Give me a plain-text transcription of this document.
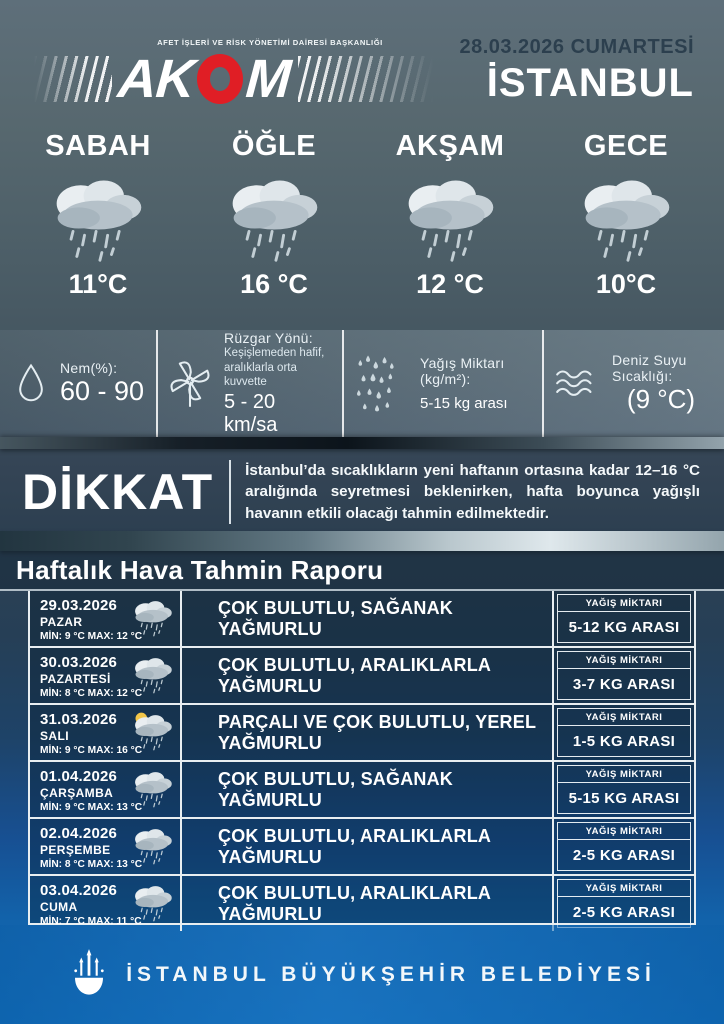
AFET İŞLERİ VE RİSK YÖNETİMİ DAİRESİ BAŞKANLIĞI
AK M
28.03.2026 CUMARTESİ
İSTANBUL
SABAH
11°C
ÖĞLE
16 °C
AKŞAM
12 °C
GECE
10°C
Nem(%):
60 - 90
Rüzgar Yönü:
Keşişlemeden hafif,
aralıklarla orta kuvvette
5 - 20 km/sa
Yağış Miktarı (kg/m²):
5-15 kg arası
Deniz Suyu Sıcaklığı:
(9 °C)
DİKKAT İstanbul’da sıcaklıkların yeni haftanın ortasına kadar 12–16 °C aralığında seyretmesi beklenirken, hafta boyunca yağışlı havanın etkili olacağı tahmin edilmektedir.
Haftalık Hava Tahmin Raporu
29.03.2026
PAZAR
MİN: 9 °C MAX: 12 °C
ÇOK BULUTLU, SAĞANAK YAĞMURLU
YAĞIŞ MİKTARI
5-12 KG ARASI
30.03.2026
PAZARTESİ
MİN: 8 °C MAX: 12 °C
ÇOK BULUTLU, ARALIKLARLA YAĞMURLU
YAĞIŞ MİKTARI
3-7 KG ARASI
31.03.2026
SALI
MİN: 9 °C MAX: 16 °C
PARÇALI VE ÇOK BULUTLU, YEREL YAĞMURLU
YAĞIŞ MİKTARI
1-5 KG ARASI
01.04.2026
ÇARŞAMBA
MİN: 9 °C MAX: 13 °C
ÇOK BULUTLU, SAĞANAK YAĞMURLU
YAĞIŞ MİKTARI
5-15 KG ARASI
02.04.2026
PERŞEMBE
MİN: 8 °C MAX: 13 °C
ÇOK BULUTLU, ARALIKLARLA YAĞMURLU
YAĞIŞ MİKTARI
2-5 KG ARASI
03.04.2026
CUMA
MİN: 7 °C MAX: 11 °C
ÇOK BULUTLU, ARALIKLARLA YAĞMURLU
YAĞIŞ MİKTARI
2-5 KG ARASI
İSTANBUL BÜYÜKŞEHİR BELEDİYESİ
